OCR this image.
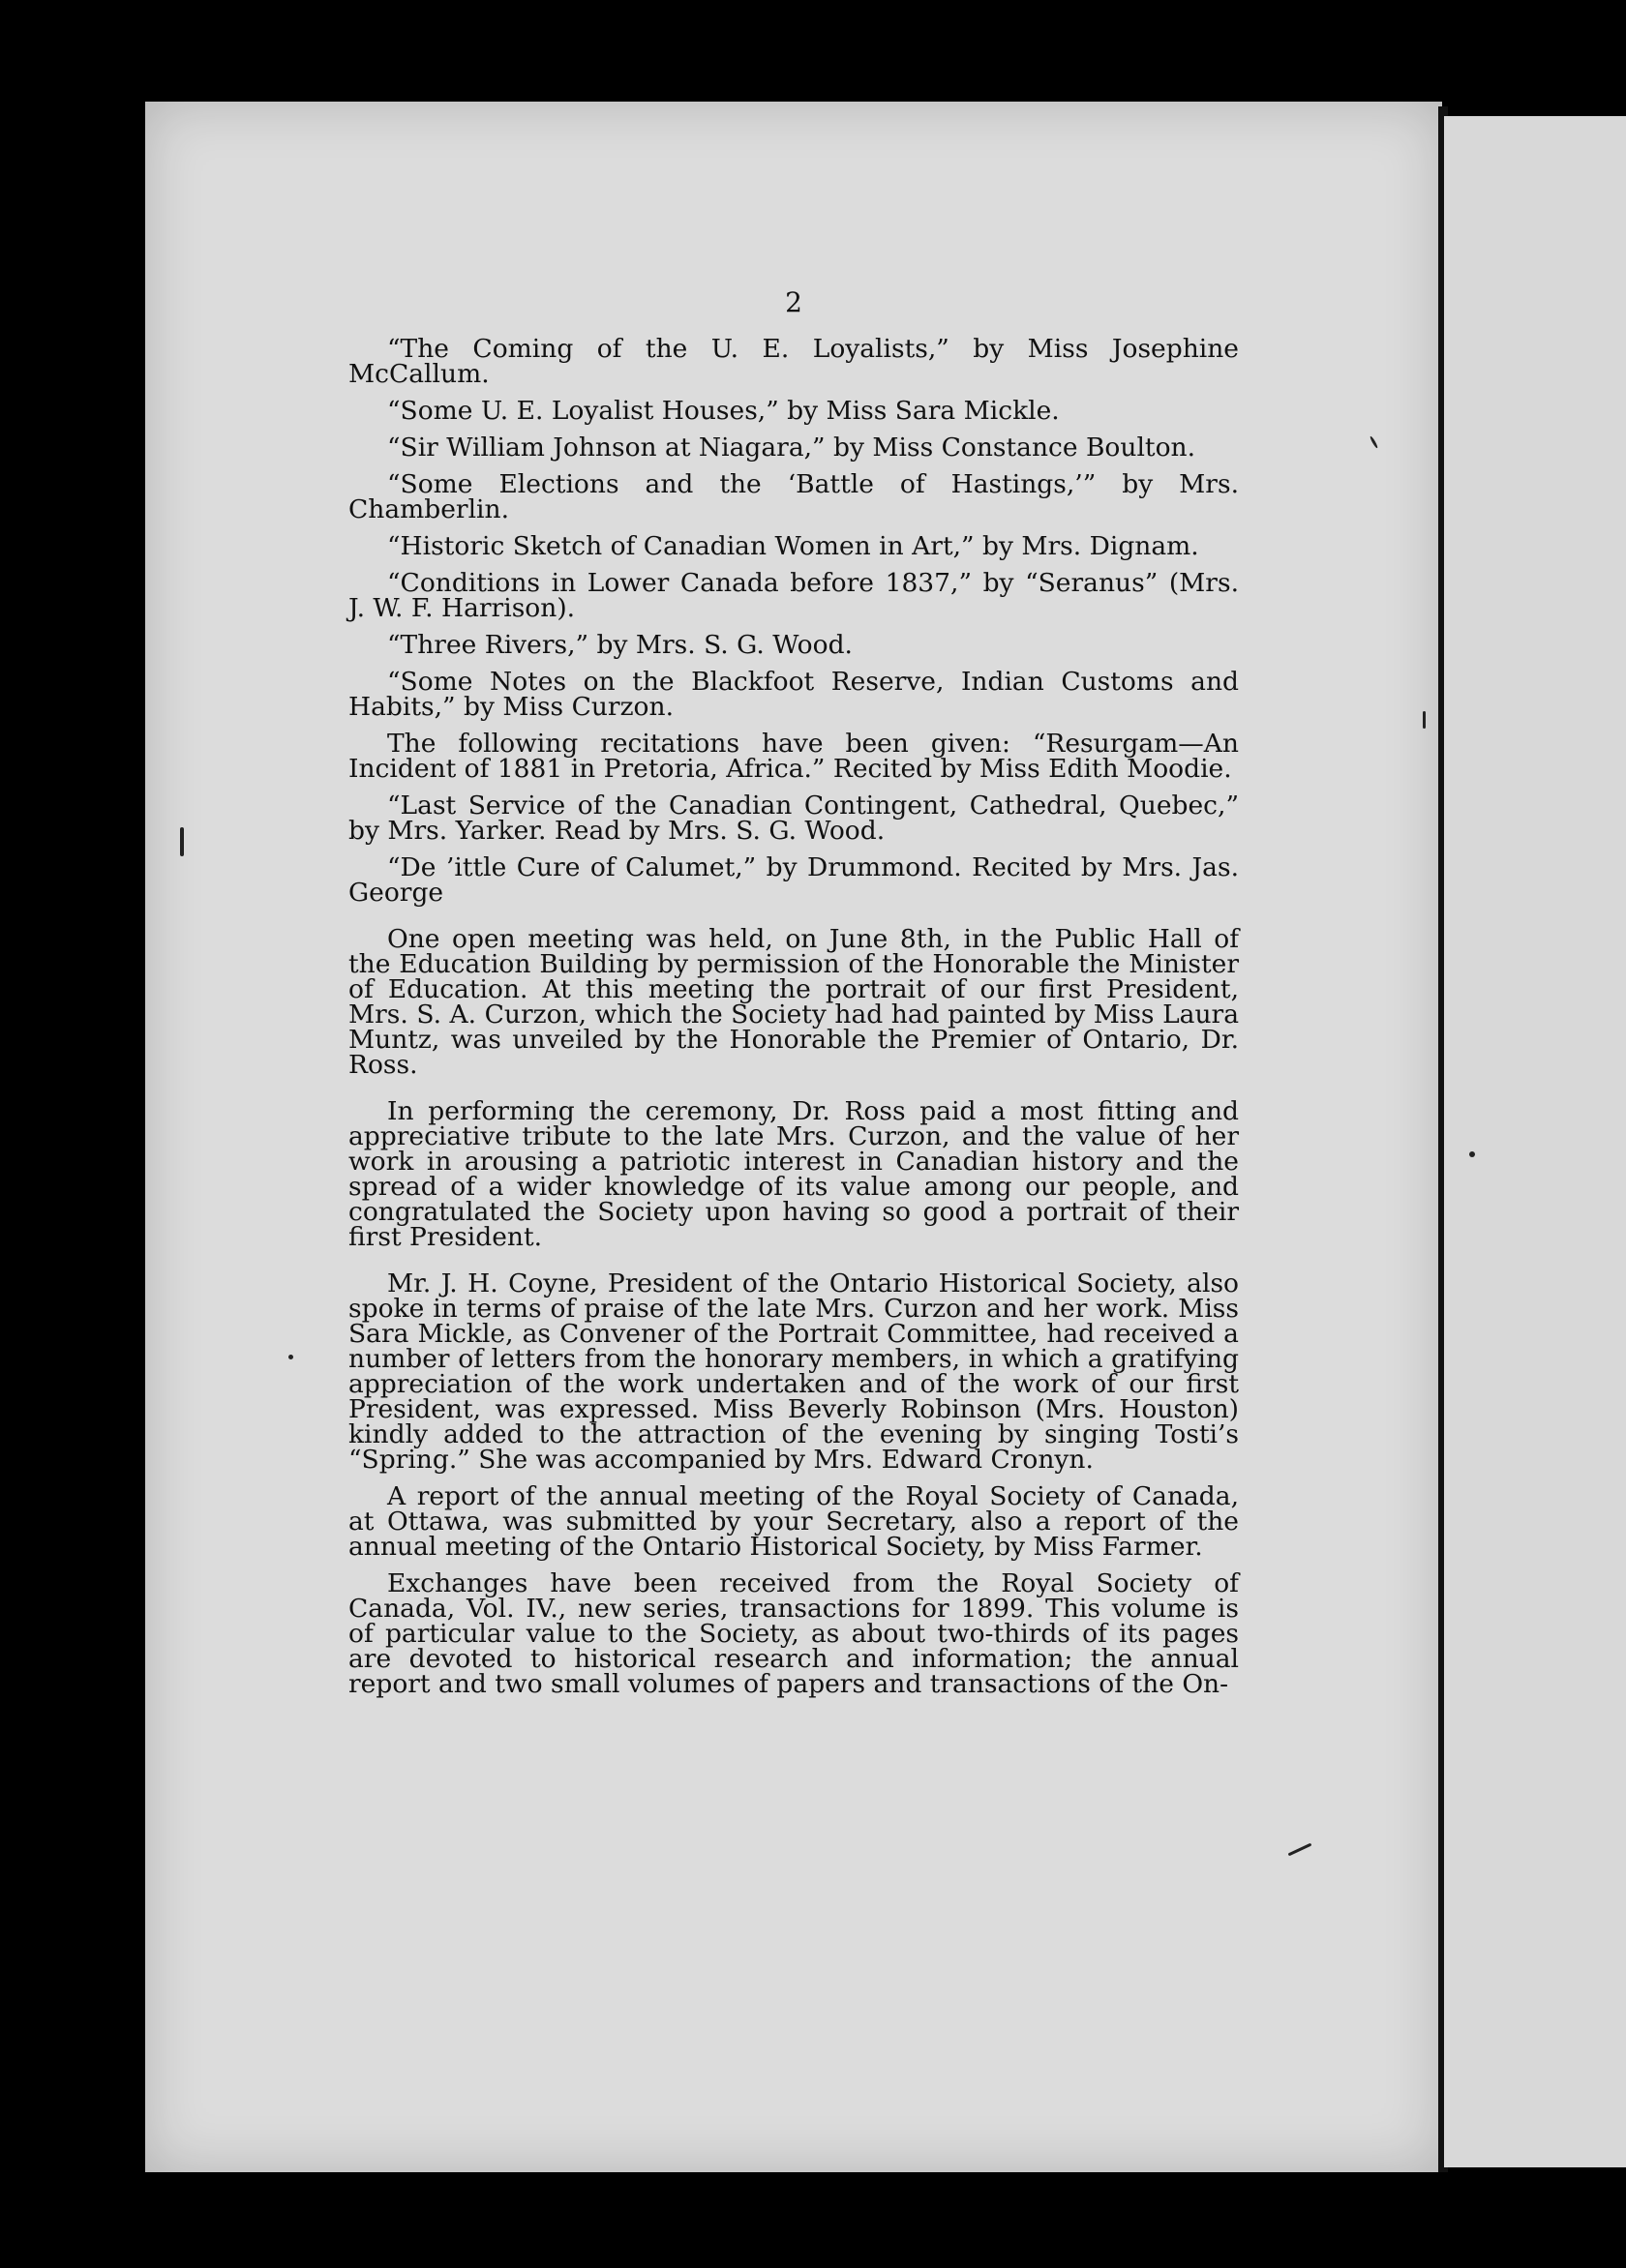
2

“The Coming of the U. E. Loyalists,” by Miss Josephine McCallum.

“Some U. E. Loyalist Houses,” by Miss Sara Mickle.

“Sir William Johnson at Niagara,” by Miss Constance Boulton.

“Some Elections and the ‘Battle of Hastings,’” by Mrs. Chamberlin.

“Historic Sketch of Canadian Women in Art,” by Mrs. Dignam.

“Conditions in Lower Canada before 1837,” by “Seranus” (Mrs. J. W. F. Harrison).

“Three Rivers,” by Mrs. S. G. Wood.

“Some Notes on the Blackfoot Reserve, Indian Customs and Habits,” by Miss Curzon.

The following recitations have been given: “Resurgam—An Incident of 1881 in Pretoria, Africa.” Recited by Miss Edith Moodie.

“Last Service of the Canadian Contingent, Cathedral, Quebec,” by Mrs. Yarker. Read by Mrs. S. G. Wood.

“De ’ittle Cure of Calumet,” by Drummond. Recited by Mrs. Jas. George

One open meeting was held, on June 8th, in the Public Hall of the Education Building by permission of the Honorable the Minister of Education. At this meeting the portrait of our first President, Mrs. S. A. Curzon, which the Society had had painted by Miss Laura Muntz, was unveiled by the Honorable the Premier of Ontario, Dr. Ross.

In performing the ceremony, Dr. Ross paid a most fitting and appreciative tribute to the late Mrs. Curzon, and the value of her work in arousing a patriotic interest in Canadian history and the spread of a wider knowledge of its value among our people, and congratulated the Society upon having so good a portrait of their first President.

Mr. J. H. Coyne, President of the Ontario Historical Society, also spoke in terms of praise of the late Mrs. Curzon and her work. Miss Sara Mickle, as Convener of the Portrait Committee, had received a number of letters from the honorary members, in which a gratifying appreciation of the work undertaken and of the work of our first President, was expressed. Miss Beverly Robinson (Mrs. Houston) kindly added to the attraction of the evening by singing Tosti’s “Spring.” She was accompanied by Mrs. Edward Cronyn.

A report of the annual meeting of the Royal Society of Canada, at Ottawa, was submitted by your Secretary, also a report of the annual meeting of the Ontario Historical Society, by Miss Farmer.

Exchanges have been received from the Royal Society of Canada, Vol. IV., new series, transactions for 1899. This volume is of particular value to the Society, as about two-thirds of its pages are devoted to historical research and information; the annual report and two small volumes of papers and transactions of the On-
